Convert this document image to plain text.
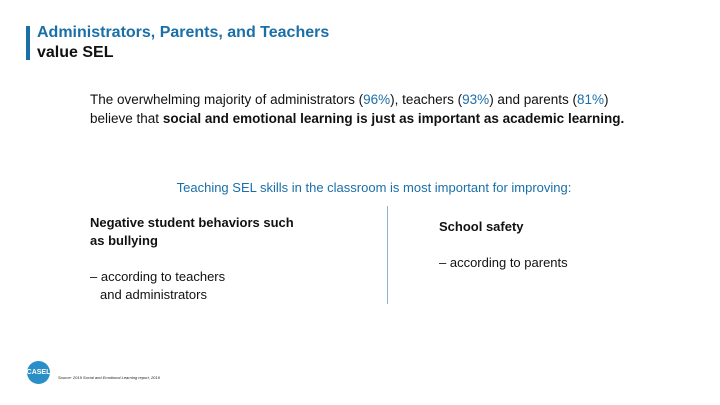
Administrators, Parents, and Teachers
value SEL
The overwhelming majority of administrators (96%), teachers (93%) and parents (81%) believe that social and emotional learning is just as important as academic learning.
Teaching SEL skills in the classroom is most important for improving:
Negative student behaviors such as bullying
– according to teachers
and administrators
School safety
– according to parents
CASEL
Source: 2019 Social and Emotional Learning report, 2019
